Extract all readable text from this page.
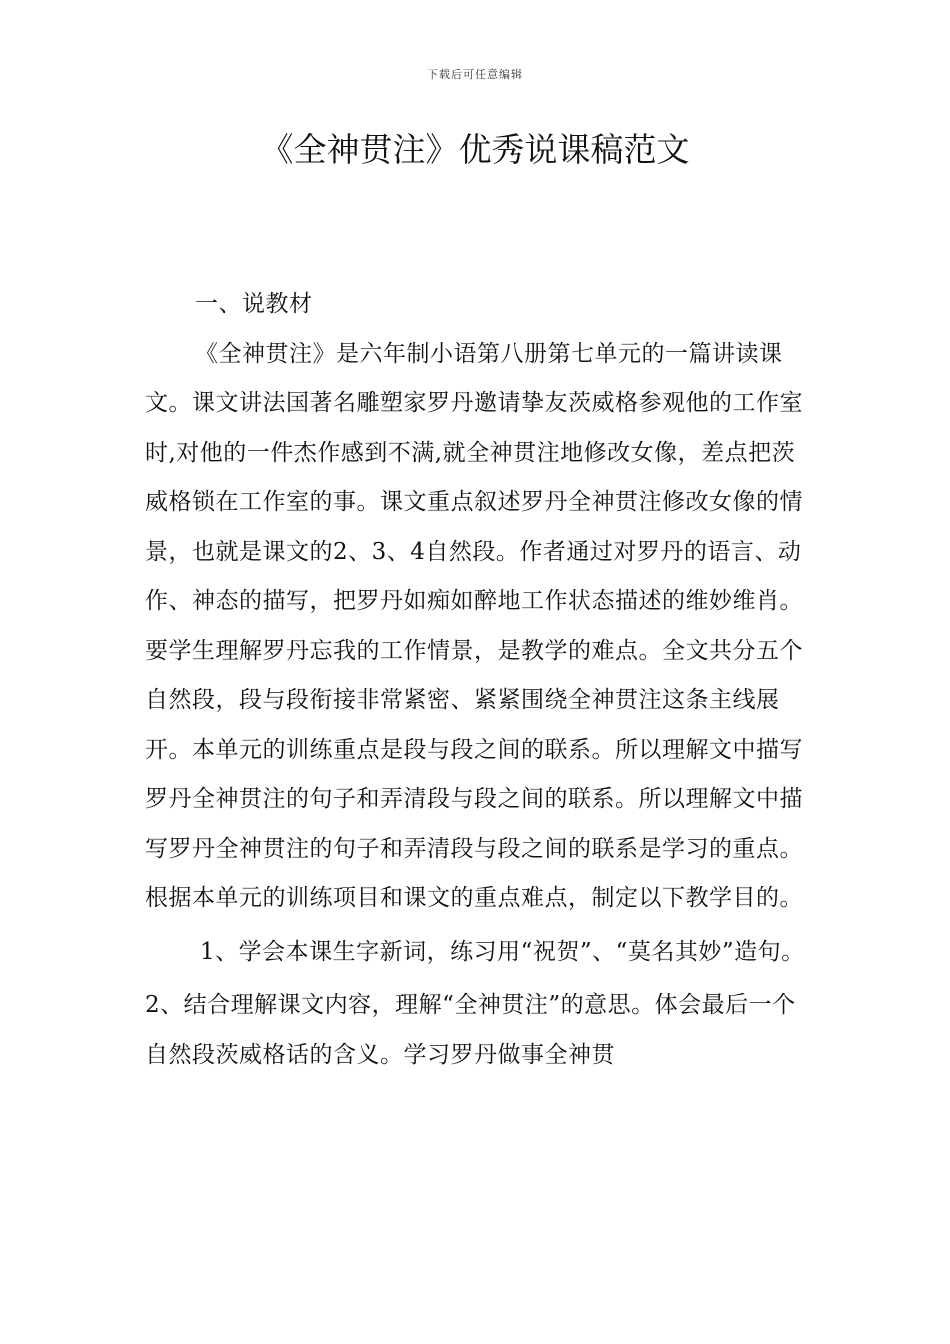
下载后可任意编辑
《全神贯注》优秀说课稿范文

一、说教材

《全神贯注》是六年制小语第八册第七单元的一篇讲读课文。课文讲法国著名雕塑家罗丹邀请挚友茨威格参观他的工作室时,对他的一件杰作感到不满,就全神贯注地修改女像，差点把茨威格锁在工作室的事。课文重点叙述罗丹全神贯注修改女像的情景，也就是课文的2、3、4自然段。作者通过对罗丹的语言、动作、神态的描写，把罗丹如痴如醉地工作状态描述的维妙维肖。要学生理解罗丹忘我的工作情景，是教学的难点。全文共分五个自然段，段与段衔接非常紧密、紧紧围绕全神贯注这条主线展开。本单元的训练重点是段与段之间的联系。所以理解文中描写罗丹全神贯注的句子和弄清段与段之间的联系。所以理解文中描写罗丹全神贯注的句子和弄清段与段之间的联系是学习的重点。根据本单元的训练项目和课文的重点难点，制定以下教学目的。

1、学会本课生字新词，练习用“祝贺”、“莫名其妙”造句。

2、结合理解课文内容，理解“全神贯注”的意思。体会最后一个自然段茨威格话的含义。学习罗丹做事全神贯
